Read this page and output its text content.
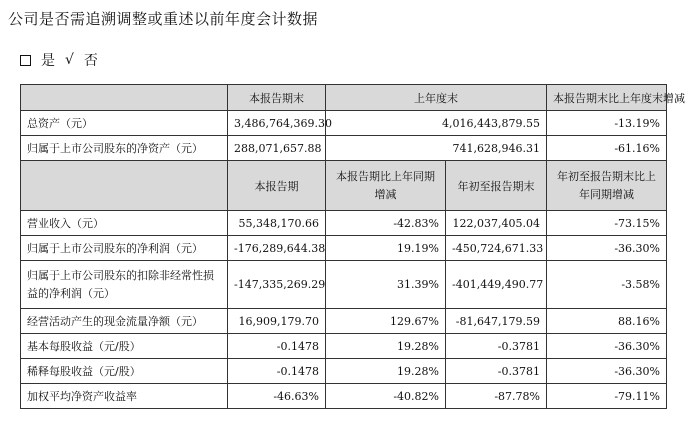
公司是否需追溯调整或重述以前年度会计数据
是 √ 否
	本报告期末	上年度末		本报告期末比上年度末增减
总资产（元）	3,486,764,369.30	4,016,443,879.55		-13.19%
归属于上市公司股东的净资产（元）	288,071,657.88	741,628,946.31		-61.16%
	本报告期	本报告期比上年同期增减	年初至报告期末	年初至报告期末比上年同期增减
营业收入（元）	55,348,170.66	-42.83%	122,037,405.04	-73.15%
归属于上市公司股东的净利润（元）	-176,289,644.38	19.19%	-450,724,671.33	-36.30%
归属于上市公司股东的扣除非经常性损益的净利润（元）	-147,335,269.29	31.39%	-401,449,490.77	-3.58%
经营活动产生的现金流量净额（元）	16,909,179.70	129.67%	-81,647,179.59	88.16%
基本每股收益（元/股）	-0.1478	19.28%	-0.3781	-36.30%
稀释每股收益（元/股）	-0.1478	19.28%	-0.3781	-36.30%
加权平均净资产收益率	-46.63%	-40.82%	-87.78%	-79.11%
